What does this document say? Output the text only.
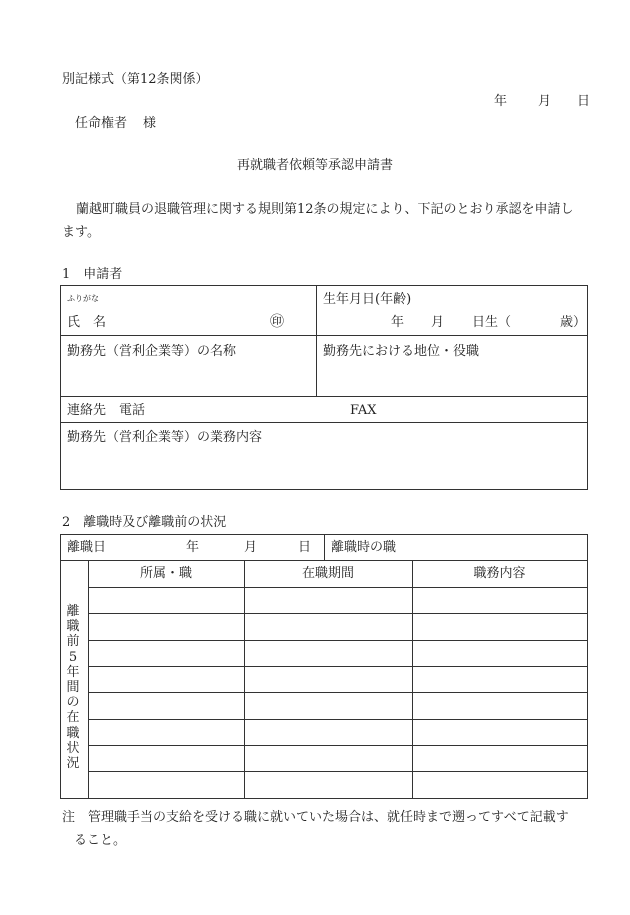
別記様式（第12条関係）
年 月 日
任命権者 様
再就職者依頼等承認申請書
蘭越町職員の退職管理に関する規則第12条の規定により、下記のとおり承認を申請し
ます。
1　申請者
ふりがな
氏　名	㊞
生年月日(年齢)
年 月 日生（	歳）
勤務先（営利企業等）の名称	勤務先における地位・役職
連絡先　電話	FAX
勤務先（営利企業等）の業務内容
2　離職時及び離職前の状況
離職日	年	月	日 離職時の職
所属・職	在職期間	職務内容
離
職
前
5
年
間
の
在
職
状
況
注　管理職手当の支給を受ける職に就いていた場合は、就任時まで遡ってすべて記載す
ること。
